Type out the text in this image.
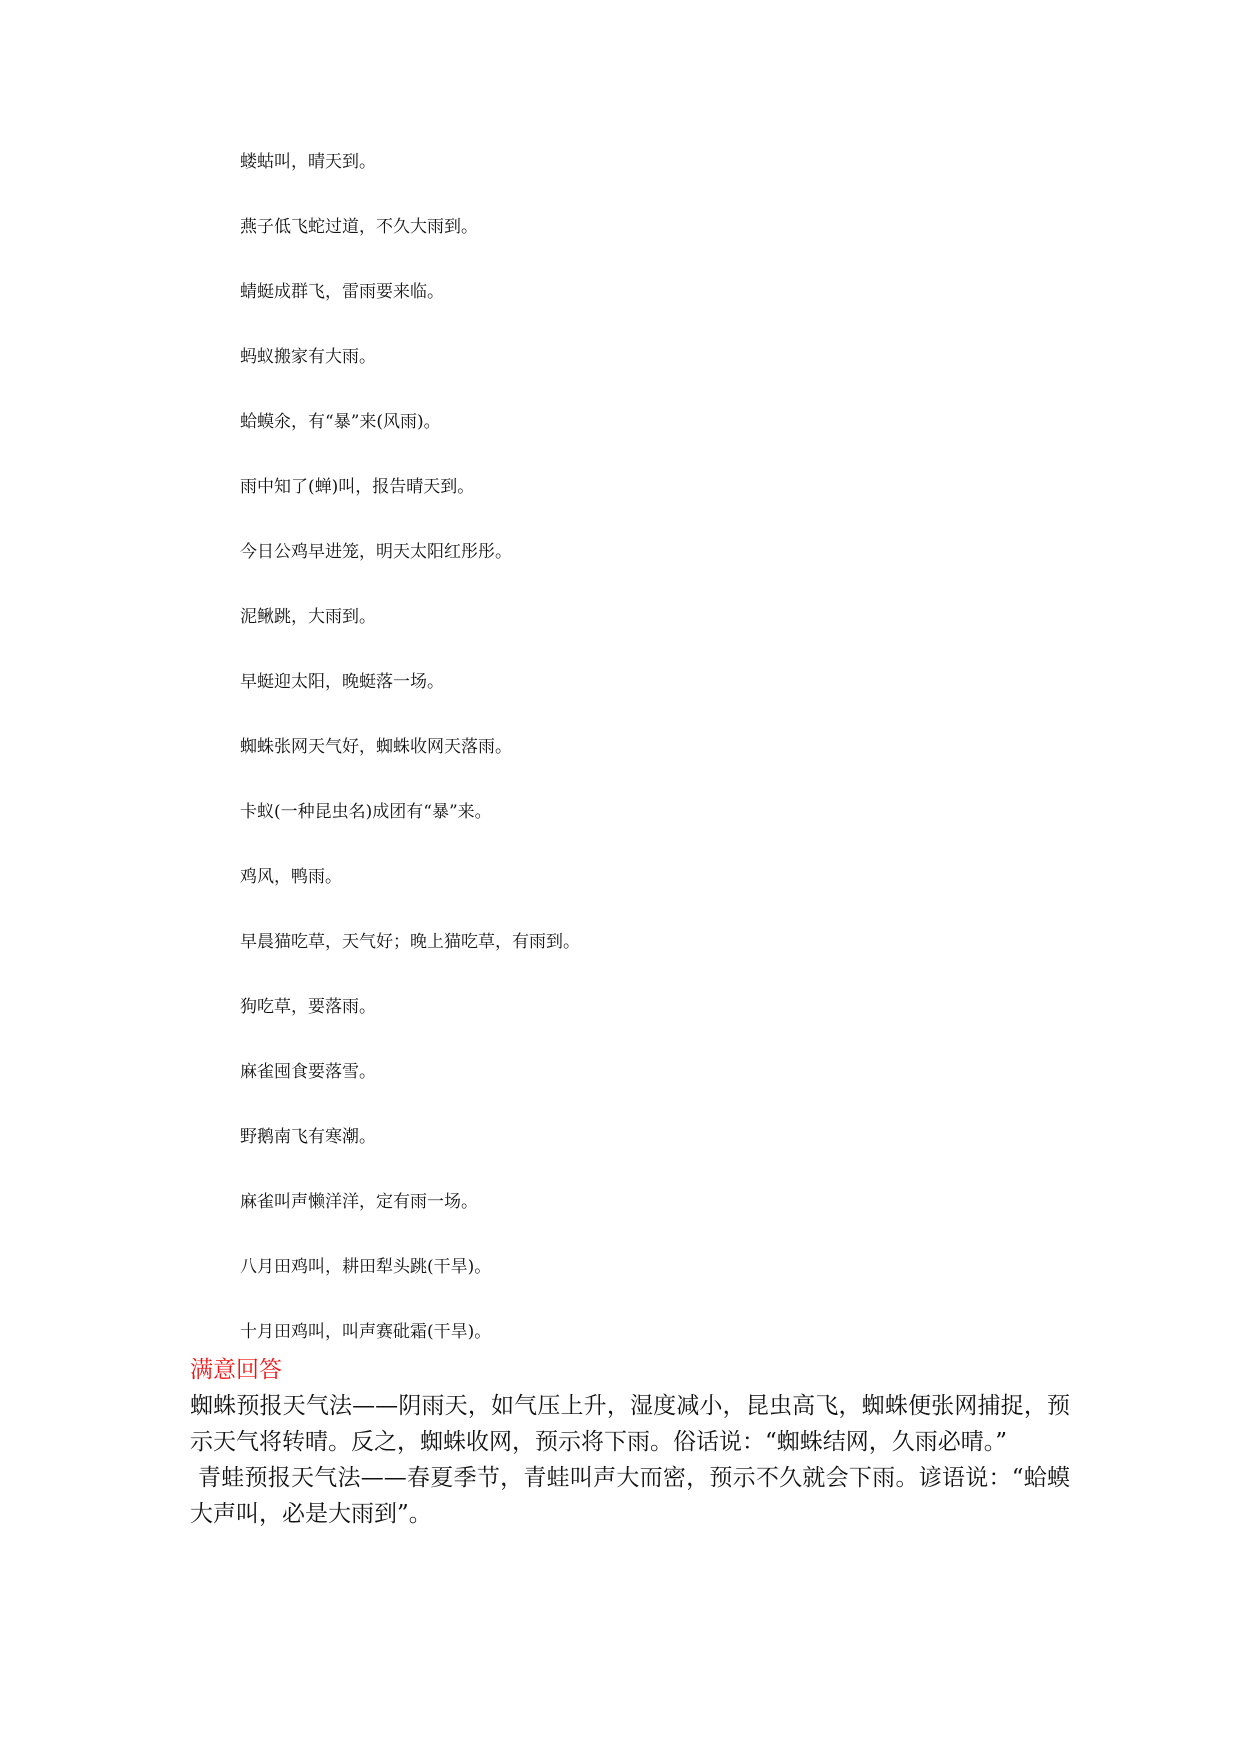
蝼蛄叫，晴天到。

燕子低飞蛇过道，不久大雨到。

蜻蜓成群飞，雷雨要来临。

蚂蚁搬家有大雨。

蛤蟆氽，有“暴”来(风雨)。

雨中知了(蝉)叫，报告晴天到。

今日公鸡早进笼，明天太阳红彤彤。

泥鳅跳，大雨到。

早蜓迎太阳，晚蜓落一场。

蜘蛛张网天气好，蜘蛛收网天落雨。

卡蚁(一种昆虫名)成团有“暴”来。

鸡风，鸭雨。

早晨猫吃草，天气好；晚上猫吃草，有雨到。

狗吃草，要落雨。

麻雀囤食要落雪。

野鹅南飞有寒潮。

麻雀叫声懒洋洋，定有雨一场。

八月田鸡叫，耕田犁头跳(干旱)。

十月田鸡叫，叫声赛砒霜(干旱)。

满意回答

蜘蛛预报天气法——阴雨天，如气压上升，湿度减小，昆虫高飞，蜘蛛便张网捕捉，预示天气将转晴。反之，蜘蛛收网，预示将下雨。俗话说：“蜘蛛结网，久雨必晴。”

青蛙预报天气法——春夏季节，青蛙叫声大而密，预示不久就会下雨。谚语说：“蛤蟆大声叫，必是大雨到”。
